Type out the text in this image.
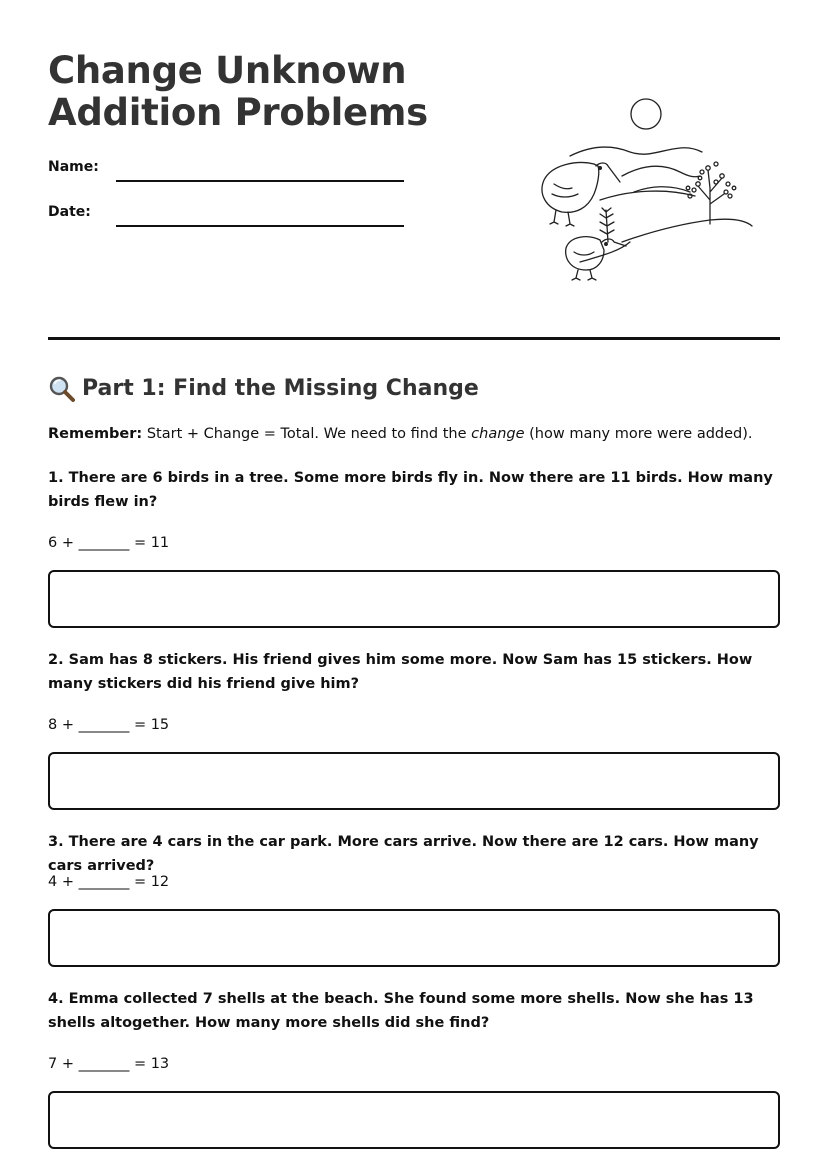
Change Unknown
Addition Problems
Name:
Date:
Part 1: Find the Missing Change
Remember: Start + Change = Total. We need to find the change (how many more were added).
1. There are 6 birds in a tree. Some more birds fly in. Now there are 11 birds. How many birds flew in?
6 + _______ = 11
2. Sam has 8 stickers. His friend gives him some more. Now Sam has 15 stickers. How many stickers did his friend give him?
8 + _______ = 15
3. There are 4 cars in the car park. More cars arrive. Now there are 12 cars. How many cars arrived?
4 + _______ = 12
4. Emma collected 7 shells at the beach. She found some more shells. Now she has 13 shells altogether. How many more shells did she find?
7 + _______ = 13
